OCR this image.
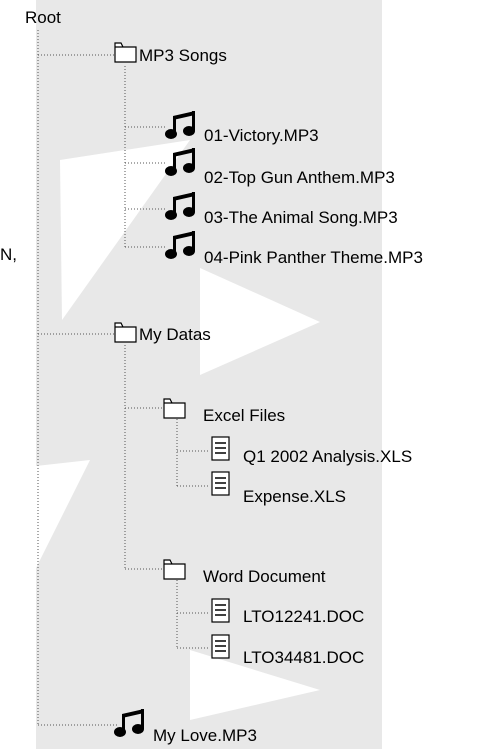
Root
N,
MP3 Songs
01-Victory.MP3
02-Top Gun Anthem.MP3
03-The Animal Song.MP3
04-Pink Panther Theme.MP3
My Datas
Excel Files
Q1 2002 Analysis.XLS
Expense.XLS
Word Document
LTO12241.DOC
LTO34481.DOC
My Love.MP3
